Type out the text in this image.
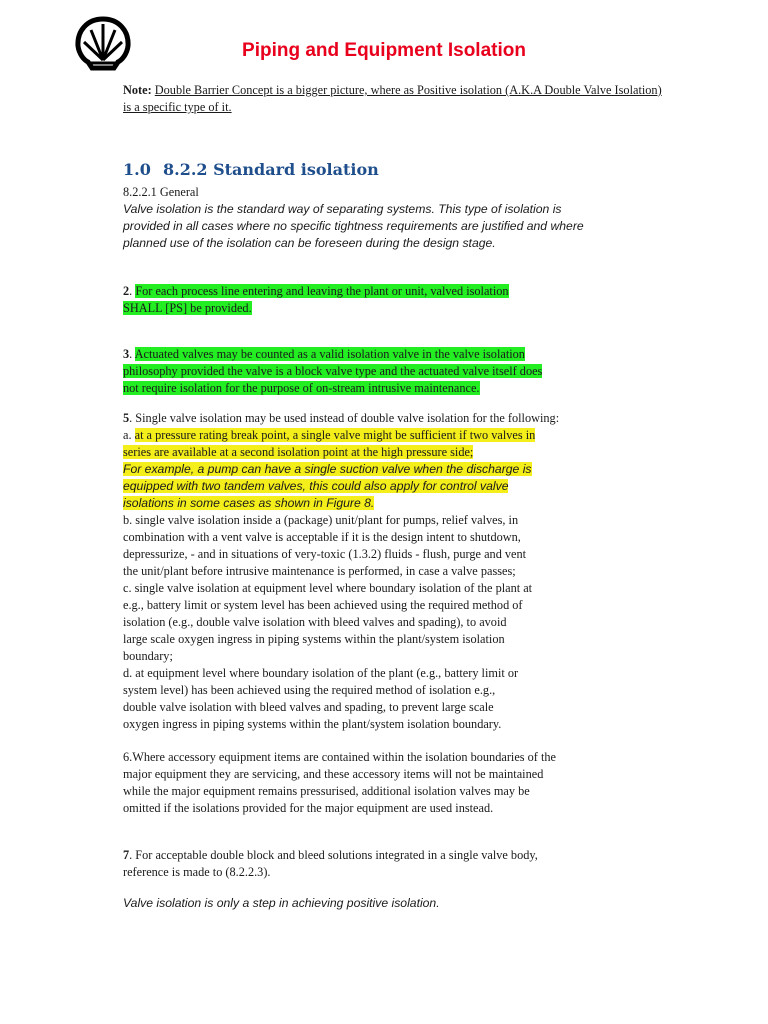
Piping and Equipment Isolation

Note: Double Barrier Concept is a bigger picture, where as Positive isolation (A.K.A Double Valve Isolation)
is a specific type of it.

1.0 8.2.2 Standard isolation
8.2.2.1 General
Valve isolation is the standard way of separating systems. This type of isolation is
provided in all cases where no specific tightness requirements are justified and where
planned use of the isolation can be foreseen during the design stage.
2. For each process line entering and leaving the plant or unit, valved isolation
SHALL [PS] be provided.
3. Actuated valves may be counted as a valid isolation valve in the valve isolation
philosophy provided the valve is a block valve type and the actuated valve itself does
not require isolation for the purpose of on-stream intrusive maintenance.
5. Single valve isolation may be used instead of double valve isolation for the following:
a. at a pressure rating break point, a single valve might be sufficient if two valves in
series are available at a second isolation point at the high pressure side;
For example, a pump can have a single suction valve when the discharge is
equipped with two tandem valves, this could also apply for control valve
isolations in some cases as shown in Figure 8.
b. single valve isolation inside a (package) unit/plant for pumps, relief valves, in
combination with a vent valve is acceptable if it is the design intent to shutdown,
depressurize, - and in situations of very-toxic (1.3.2) fluids - flush, purge and vent
the unit/plant before intrusive maintenance is performed, in case a valve passes;
c. single valve isolation at equipment level where boundary isolation of the plant at
e.g., battery limit or system level has been achieved using the required method of
isolation (e.g., double valve isolation with bleed valves and spading), to avoid
large scale oxygen ingress in piping systems within the plant/system isolation
boundary;
d. at equipment level where boundary isolation of the plant (e.g., battery limit or
system level) has been achieved using the required method of isolation e.g.,
double valve isolation with bleed valves and spading, to prevent large scale
oxygen ingress in piping systems within the plant/system isolation boundary.
6.Where accessory equipment items are contained within the isolation boundaries of the
major equipment they are servicing, and these accessory items will not be maintained
while the major equipment remains pressurised, additional isolation valves may be
omitted if the isolations provided for the major equipment are used instead.
7. For acceptable double block and bleed solutions integrated in a single valve body,
reference is made to (8.2.2.3).
Valve isolation is only a step in achieving positive isolation.
